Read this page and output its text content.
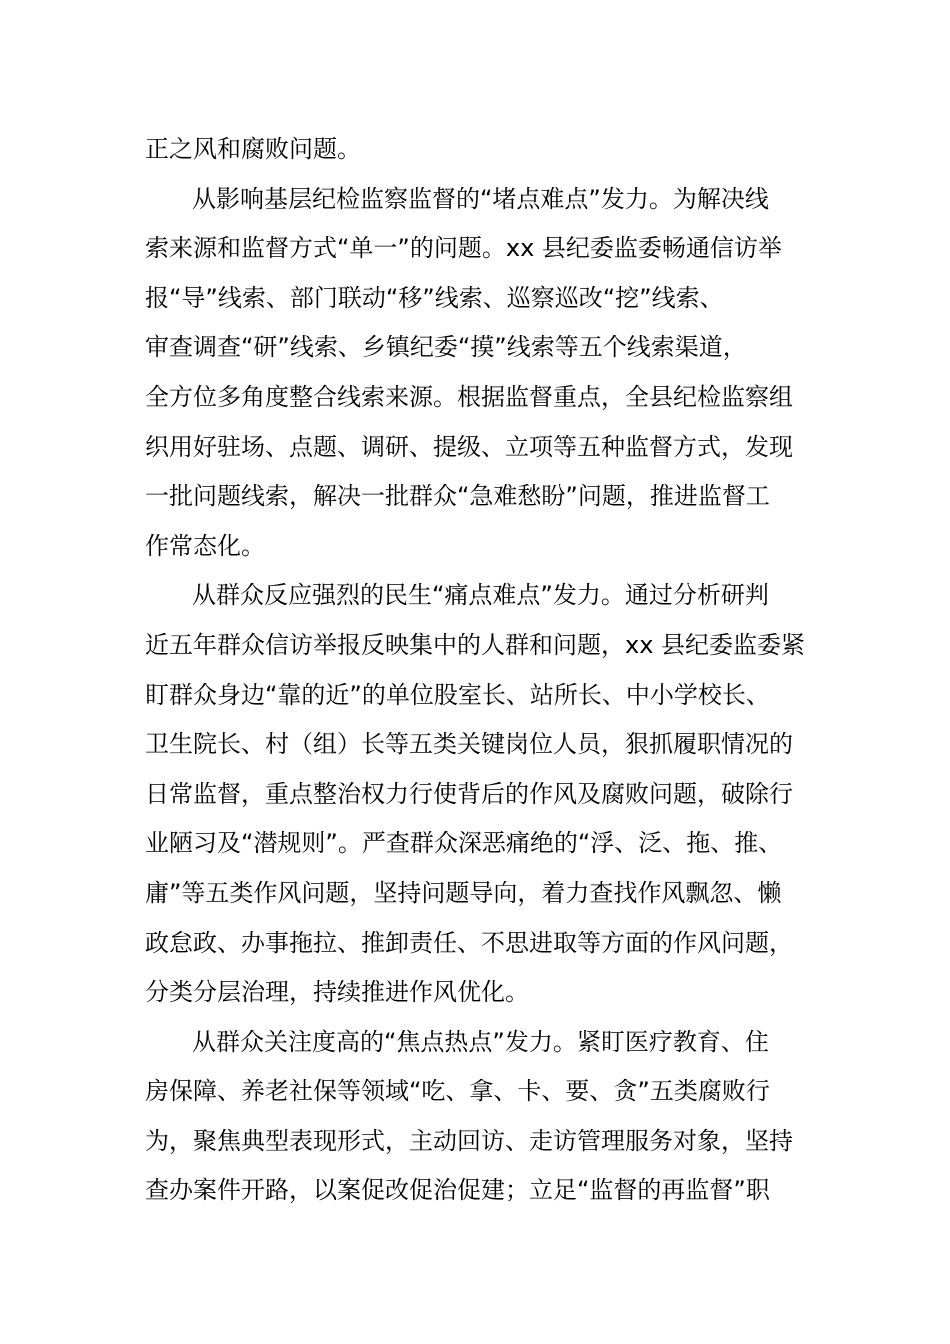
正之风和腐败问题。
从影响基层纪检监察监督的“堵点难点”发力。为解决线
索来源和监督方式“单一”的问题。xx 县纪委监委畅通信访举
报“导”线索、部门联动“移”线索、巡察巡改“挖”线索、
审查调查“研”线索、乡镇纪委“摸”线索等五个线索渠道，
全方位多角度整合线索来源。根据监督重点，全县纪检监察组
织用好驻场、点题、调研、提级、立项等五种监督方式，发现
一批问题线索，解决一批群众“急难愁盼”问题，推进监督工
作常态化。
从群众反应强烈的民生“痛点难点”发力。通过分析研判
近五年群众信访举报反映集中的人群和问题，xx 县纪委监委紧
盯群众身边“靠的近”的单位股室长、站所长、中小学校长、
卫生院长、村（组）长等五类关键岗位人员，狠抓履职情况的
日常监督，重点整治权力行使背后的作风及腐败问题，破除行
业陋习及“潜规则”。严查群众深恶痛绝的“浮、泛、拖、推、
庸”等五类作风问题，坚持问题导向，着力查找作风飘忽、懒
政怠政、办事拖拉、推卸责任、不思进取等方面的作风问题，
分类分层治理，持续推进作风优化。
从群众关注度高的“焦点热点”发力。紧盯医疗教育、住
房保障、养老社保等领域“吃、拿、卡、要、贪”五类腐败行
为，聚焦典型表现形式，主动回访、走访管理服务对象，坚持
查办案件开路，以案促改促治促建；立足“监督的再监督”职
